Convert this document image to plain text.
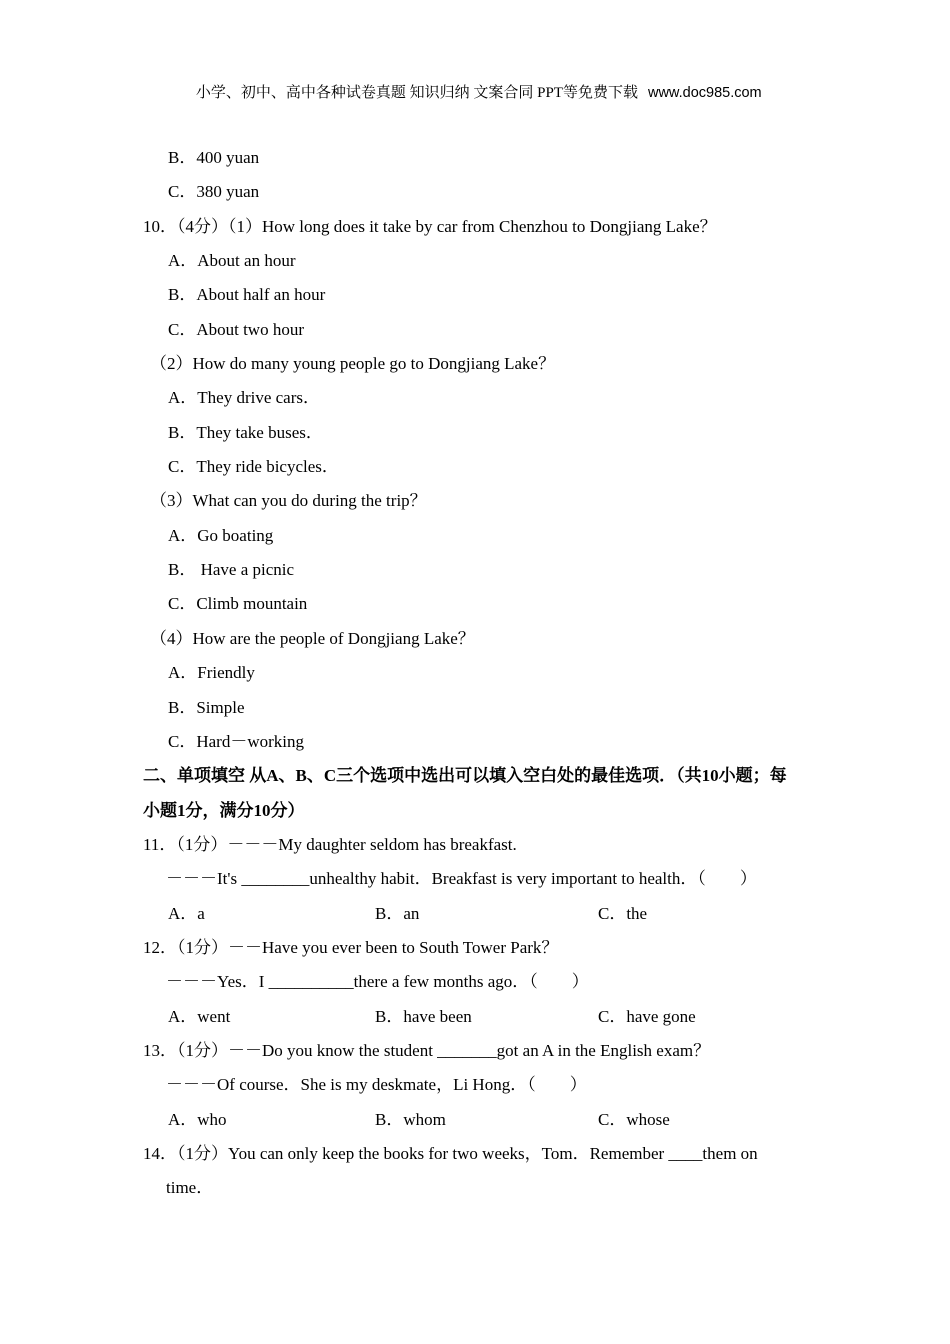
小学、初中、高中各种试卷真题 知识归纳 文案合同 PPT等免费下载 www.doc985.com

B．400 yuan
C．380 yuan
10．（4分）（1）How long does it take by car from Chenzhou to Dongjiang Lake？
A．About an hour
B．About half an hour
C．About two hour
（2）How do many young people go to Dongjiang Lake？
A．They drive cars．
B．They take buses．
C．They ride bicycles．
（3）What can you do during the trip？
A．Go boating
B． Have a picnic
C．Climb mountain
（4）How are the people of Dongjiang Lake？
A．Friendly
B．Simple
C．Hard－working
二、单项填空 从A、B、C三个选项中选出可以填入空白处的最佳选项．（共10小题；每
小题1分，满分10分）
11．（1分）－－－My daughter seldom has breakfast.
－－－It's ________unhealthy habit．Breakfast is very important to health．（　　）
A．a	B．an	C．the
12．（1分）－－Have you ever been to South Tower Park？
－－－Yes．I __________there a few months ago．（　　）
A．went	B．have been	C．have gone
13．（1分）－－Do you know the student _______got an A in the English exam？
－－－Of course．She is my deskmate，Li Hong．（　　）
A．who	B．whom	C．whose
14．（1分）You can only keep the books for two weeks，Tom．Remember ____them on
time．
